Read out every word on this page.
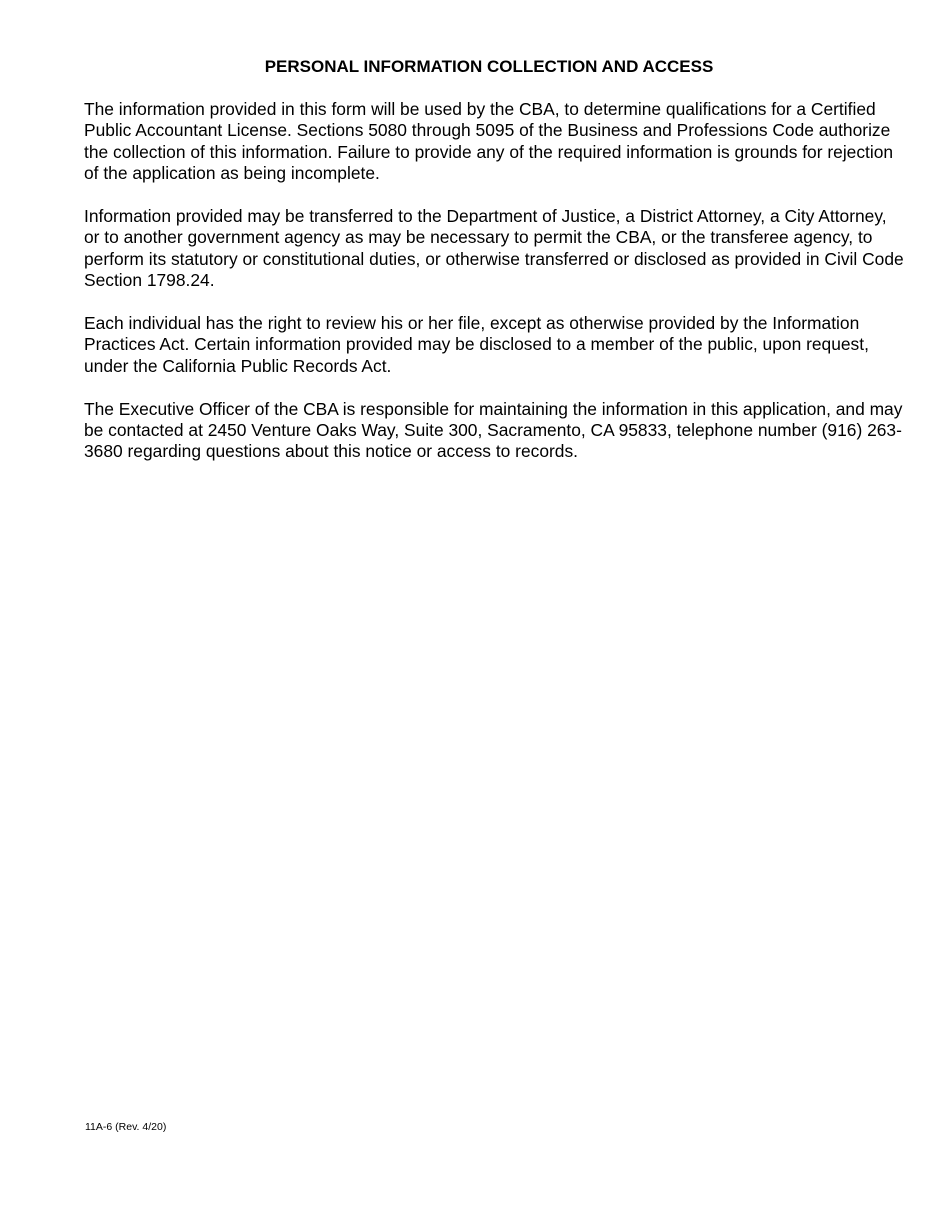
PERSONAL INFORMATION COLLECTION AND ACCESS

The information provided in this form will be used by the CBA, to determine qualifications for a Certified Public Accountant License. Sections 5080 through 5095 of the Business and Professions Code authorize the collection of this information. Failure to provide any of the required information is grounds for rejection of the application as being incomplete.

Information provided may be transferred to the Department of Justice, a District Attorney, a City Attorney, or to another government agency as may be necessary to permit the CBA, or the transferee agency, to perform its statutory or constitutional duties, or otherwise transferred or disclosed as provided in Civil Code Section 1798.24.

Each individual has the right to review his or her file, except as otherwise provided by the Information Practices Act. Certain information provided may be disclosed to a member of the public, upon request, under the California Public Records Act.

The Executive Officer of the CBA is responsible for maintaining the information in this application, and may be contacted at 2450 Venture Oaks Way, Suite 300, Sacramento, CA 95833, telephone number (916) 263-3680 regarding questions about this notice or access to records.

11A-6 (Rev. 4/20)
